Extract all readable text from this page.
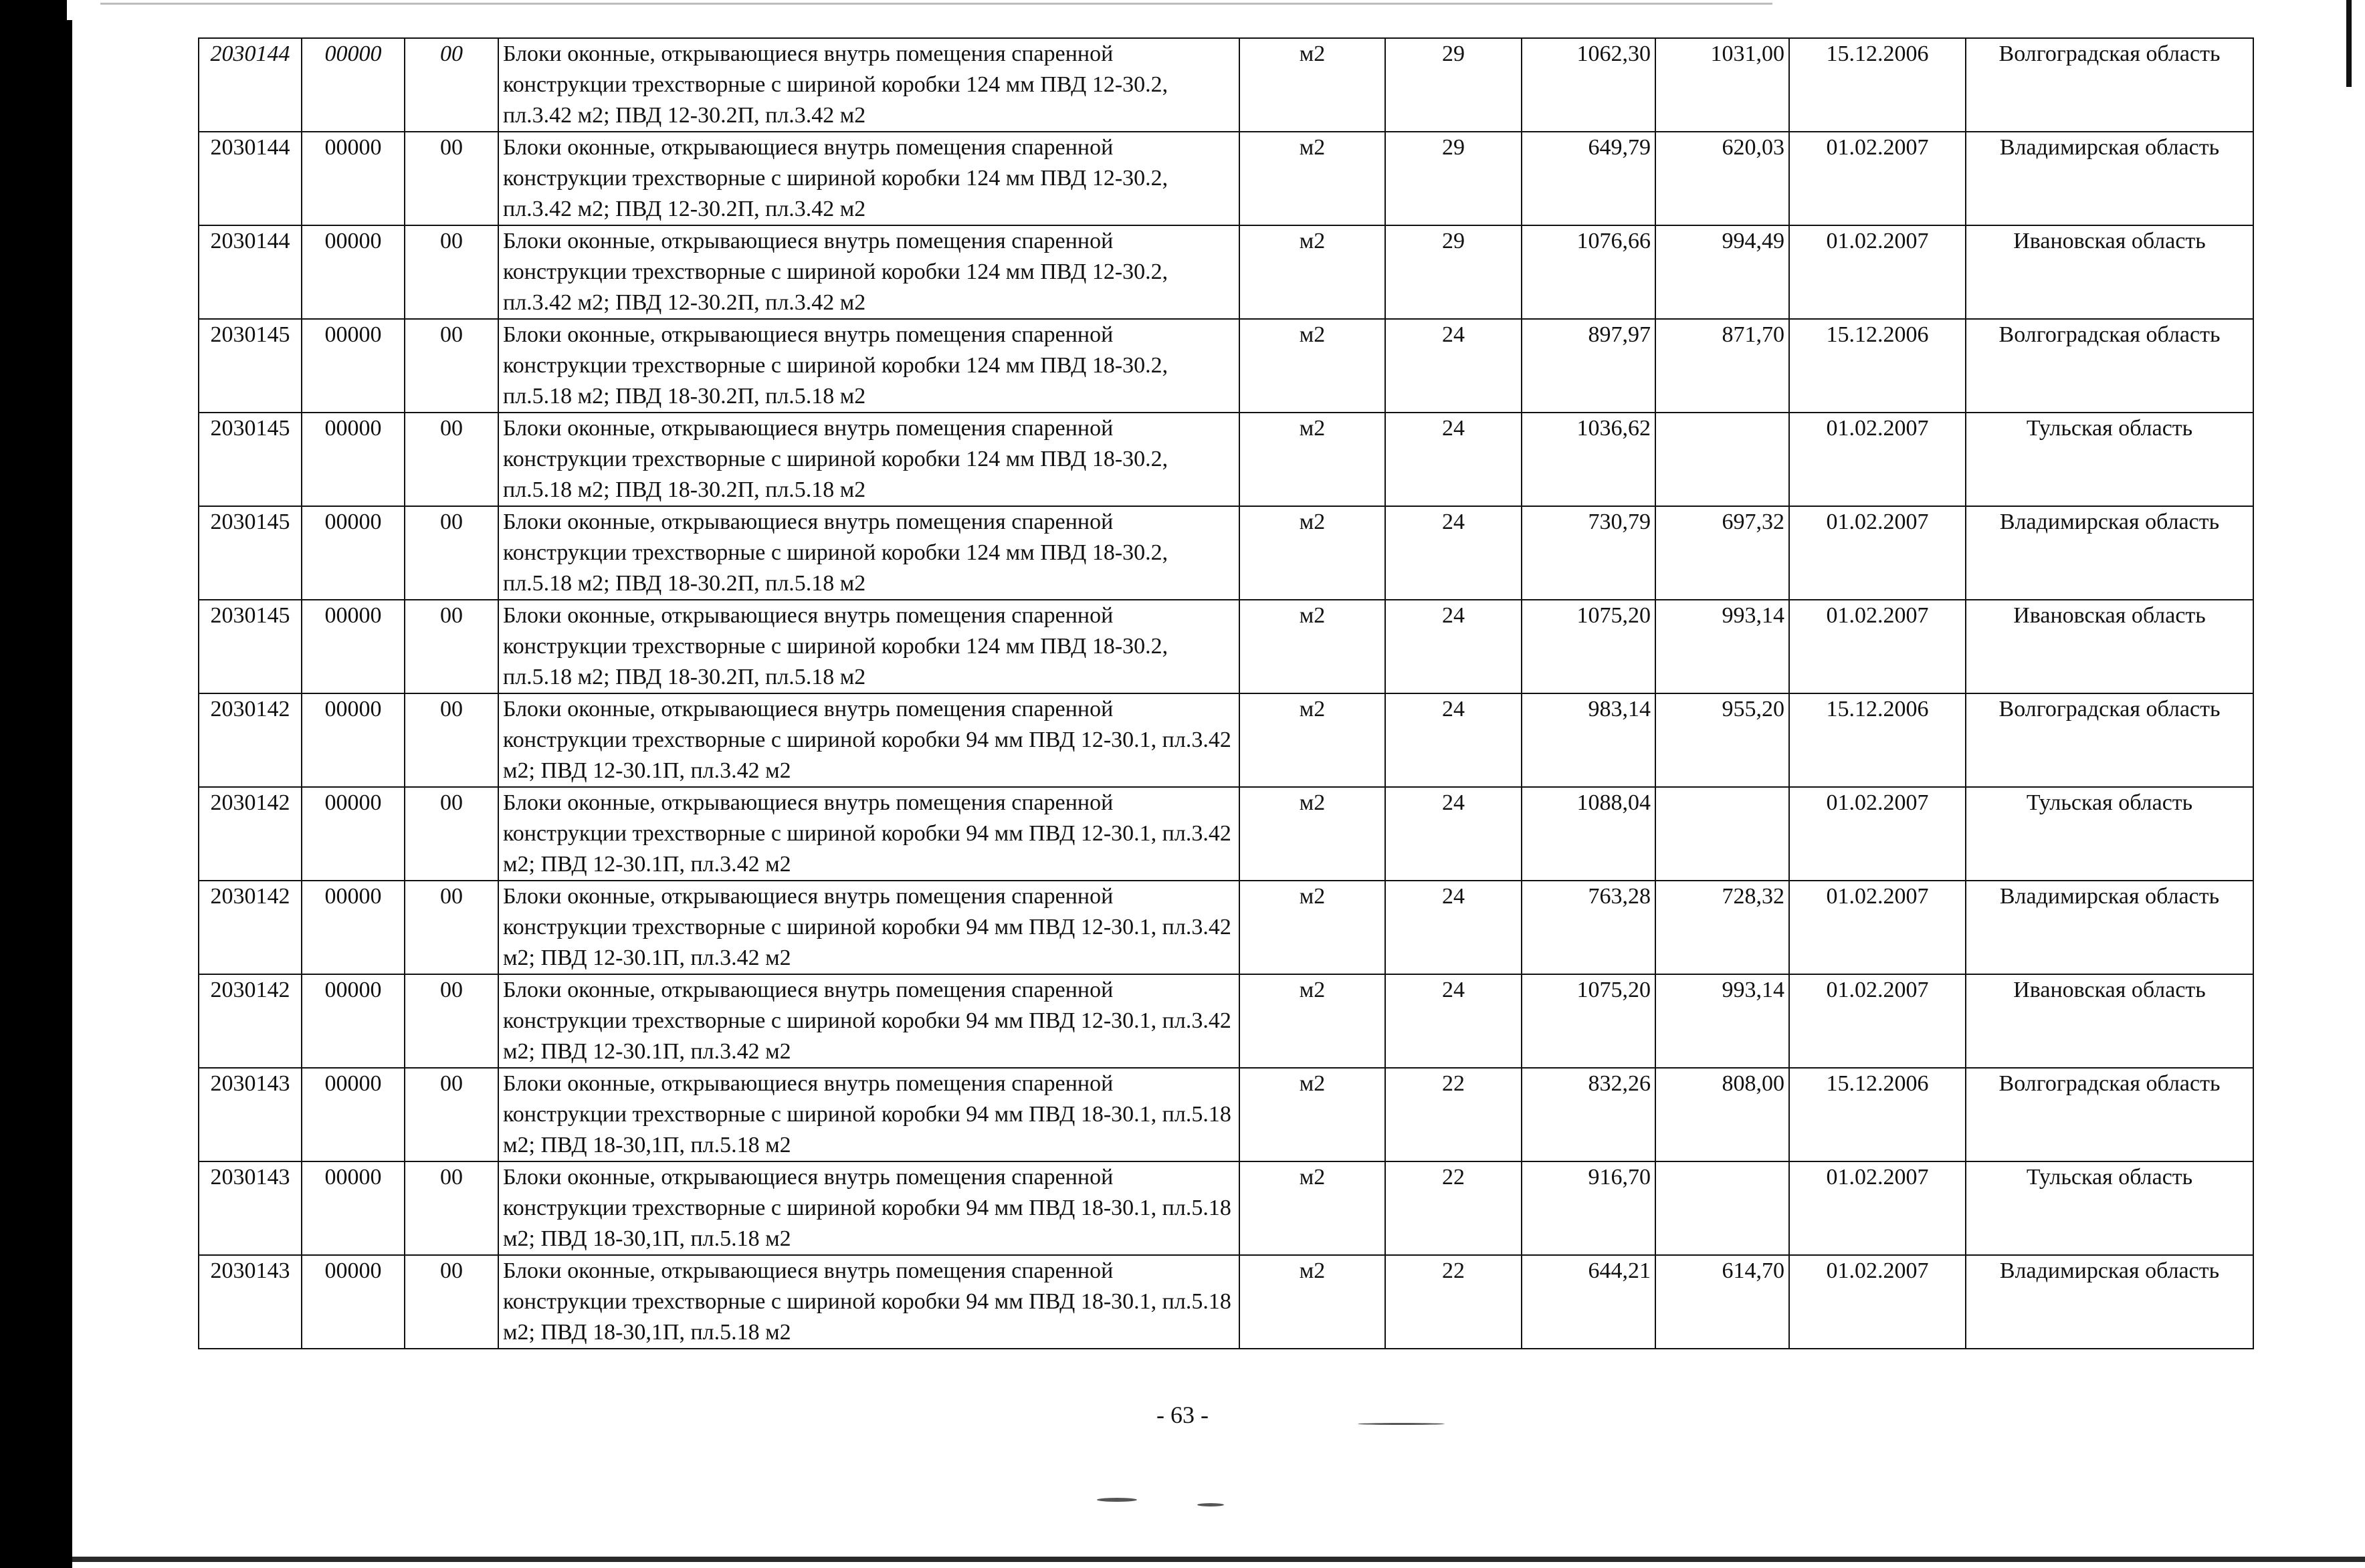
2030144	00000	00	Блоки оконные, открывающиеся внутрь помещения спаренной конструкции трехстворные с шириной коробки 124 мм ПВД 12-30.2, пл.3.42 м2; ПВД 12-30.2П, пл.3.42 м2	м2	29	1062,30	1031,00	15.12.2006	Волгоградская область
2030144	00000	00	Блоки оконные, открывающиеся внутрь помещения спаренной конструкции трехстворные с шириной коробки 124 мм ПВД 12-30.2, пл.3.42 м2; ПВД 12-30.2П, пл.3.42 м2	м2	29	649,79	620,03	01.02.2007	Владимирская область
2030144	00000	00	Блоки оконные, открывающиеся внутрь помещения спаренной конструкции трехстворные с шириной коробки 124 мм ПВД 12-30.2, пл.3.42 м2; ПВД 12-30.2П, пл.3.42 м2	м2	29	1076,66	994,49	01.02.2007	Ивановская область
2030145	00000	00	Блоки оконные, открывающиеся внутрь помещения спаренной конструкции трехстворные с шириной коробки 124 мм ПВД 18-30.2, пл.5.18 м2; ПВД 18-30.2П, пл.5.18 м2	м2	24	897,97	871,70	15.12.2006	Волгоградская область
2030145	00000	00	Блоки оконные, открывающиеся внутрь помещения спаренной конструкции трехстворные с шириной коробки 124 мм ПВД 18-30.2, пл.5.18 м2; ПВД 18-30.2П, пл.5.18 м2	м2	24	1036,62		01.02.2007	Тульская область
2030145	00000	00	Блоки оконные, открывающиеся внутрь помещения спаренной конструкции трехстворные с шириной коробки 124 мм ПВД 18-30.2, пл.5.18 м2; ПВД 18-30.2П, пл.5.18 м2	м2	24	730,79	697,32	01.02.2007	Владимирская область
2030145	00000	00	Блоки оконные, открывающиеся внутрь помещения спаренной конструкции трехстворные с шириной коробки 124 мм ПВД 18-30.2, пл.5.18 м2; ПВД 18-30.2П, пл.5.18 м2	м2	24	1075,20	993,14	01.02.2007	Ивановская область
2030142	00000	00	Блоки оконные, открывающиеся внутрь помещения спаренной конструкции трехстворные с шириной коробки 94 мм ПВД 12-30.1, пл.3.42 м2; ПВД 12-30.1П, пл.3.42 м2	м2	24	983,14	955,20	15.12.2006	Волгоградская область
2030142	00000	00	Блоки оконные, открывающиеся внутрь помещения спаренной конструкции трехстворные с шириной коробки 94 мм ПВД 12-30.1, пл.3.42 м2; ПВД 12-30.1П, пл.3.42 м2	м2	24	1088,04		01.02.2007	Тульская область
2030142	00000	00	Блоки оконные, открывающиеся внутрь помещения спаренной конструкции трехстворные с шириной коробки 94 мм ПВД 12-30.1, пл.3.42 м2; ПВД 12-30.1П, пл.3.42 м2	м2	24	763,28	728,32	01.02.2007	Владимирская область
2030142	00000	00	Блоки оконные, открывающиеся внутрь помещения спаренной конструкции трехстворные с шириной коробки 94 мм ПВД 12-30.1, пл.3.42 м2; ПВД 12-30.1П, пл.3.42 м2	м2	24	1075,20	993,14	01.02.2007	Ивановская область
2030143	00000	00	Блоки оконные, открывающиеся внутрь помещения спаренной конструкции трехстворные с шириной коробки 94 мм ПВД 18-30.1, пл.5.18 м2; ПВД 18-30,1П, пл.5.18 м2	м2	22	832,26	808,00	15.12.2006	Волгоградская область
2030143	00000	00	Блоки оконные, открывающиеся внутрь помещения спаренной конструкции трехстворные с шириной коробки 94 мм ПВД 18-30.1, пл.5.18 м2; ПВД 18-30,1П, пл.5.18 м2	м2	22	916,70		01.02.2007	Тульская область
2030143	00000	00	Блоки оконные, открывающиеся внутрь помещения спаренной конструкции трехстворные с шириной коробки 94 мм ПВД 18-30.1, пл.5.18 м2; ПВД 18-30,1П, пл.5.18 м2	м2	22	644,21	614,70	01.02.2007	Владимирская область
- 63 -
